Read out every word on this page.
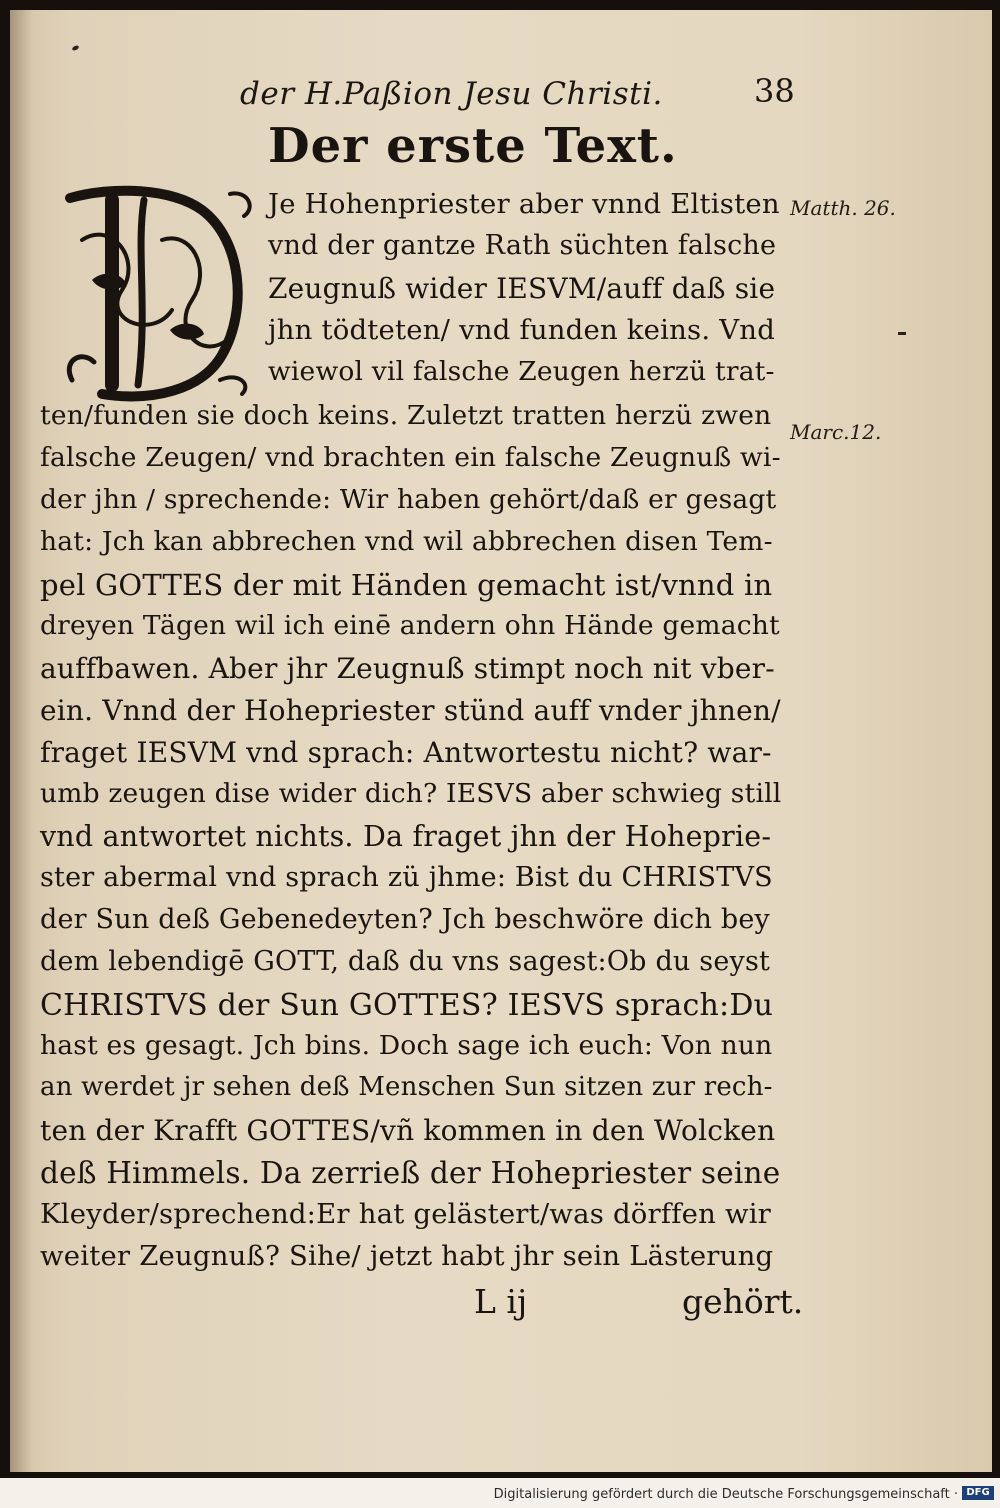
der H.Paßion Jesu Christi.	38
Der erste Text.
Matth. 26.
Marc.12.
Je Hohenpriester aber vnnd Eltisten
vnd der gantze Rath süchten falsche
Zeugnuß wider IESVM/auff daß sie
jhn tödteten/ vnd funden keins. Vnd
wiewol vil falsche Zeugen herzü trat-
ten/funden sie doch keins. Zuletzt tratten herzü zwen
falsche Zeugen/ vnd brachten ein falsche Zeugnuß wi-
der jhn / sprechende: Wir haben gehört/daß er gesagt
hat: Jch kan abbrechen vnd wil abbrechen disen Tem-
pel GOTTES der mit Händen gemacht ist/vnnd in
dreyen Tägen wil ich einē andern ohn Hände gemacht
auffbawen. Aber jhr Zeugnuß stimpt noch nit vber-
ein. Vnnd der Hohepriester stünd auff vnder jhnen/
fraget IESVM vnd sprach: Antwortestu nicht? war-
umb zeugen dise wider dich? IESVS aber schwieg still
vnd antwortet nichts. Da fraget jhn der Hoheprie-
ster abermal vnd sprach zü jhme: Bist du CHRISTVS
der Sun deß Gebenedeyten? Jch beschwöre dich bey
dem lebendigē GOTT, daß du vns sagest:Ob du seyst
CHRISTVS der Sun GOTTES? IESVS sprach:Du
hast es gesagt. Jch bins. Doch sage ich euch: Von nun
an werdet jr sehen deß Menschen Sun sitzen zur rech-
ten der Krafft GOTTES/vñ kommen in den Wolcken
deß Himmels. Da zerrieß der Hohepriester seine
Kleyder/sprechend:Er hat gelästert/was dörffen wir
weiter Zeugnuß? Sihe/ jetzt habt jhr sein Lästerung
L ij	gehört.
Digitalisierung gefördert durch die Deutsche Forschungsgemeinschaft · DFG
